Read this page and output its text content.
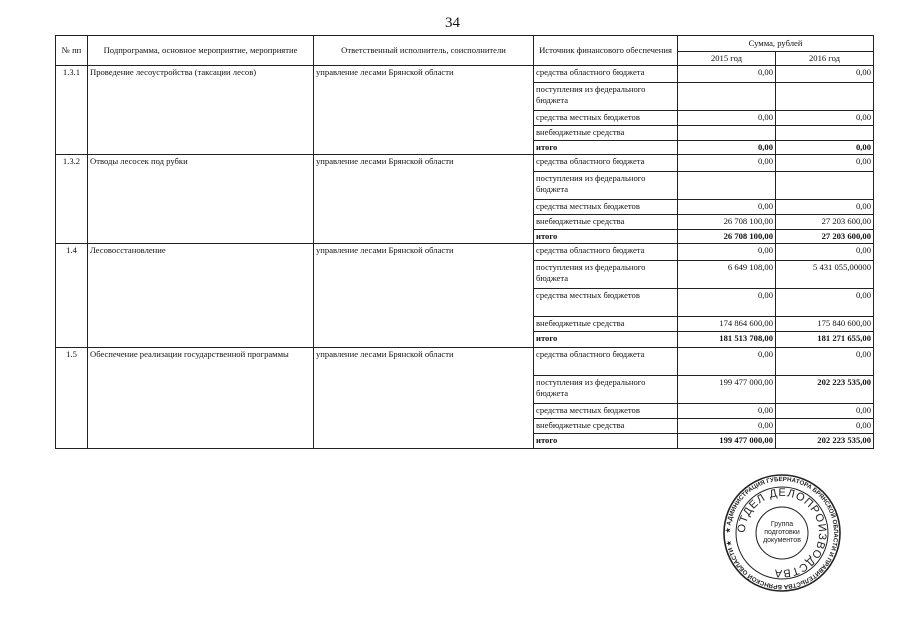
34
№ пп	Подпрограмма, основное мероприятие, мероприятие	Ответственный исполнитель, соисполнители	Источник финансового обеспечения	Сумма, рублей	
				2015 год	2016 год
1.3.1	Проведение лесоустройства (таксации лесов)	управление лесами Брянской области	средства областного бюджета	0,00	0,00
			поступления из федерального бюджета		
			средства местных бюджетов	0,00	0,00
			внебюджетные средства		
			итого	0,00	0,00
1.3.2	Отводы лесосек под рубки	управление лесами Брянской области	средства областного бюджета	0,00	0,00
			поступления из федерального бюджета		
			средства местных бюджетов	0,00	0,00
			внебюджетные средства	26 708 100,00	27 203 600,00
			итого	26 708 100,00	27 203 600,00
1.4	Лесовосстановление	управление лесами Брянской области	средства областного бюджета	0,00	0,00
			поступления из федерального бюджета	6 649 108,00	5 431 055,00000
			средства местных бюджетов	0,00	0,00
			внебюджетные средства	174 864 600,00	175 840 600,00
			итого	181 513 708,00	181 271 655,00
1.5	Обеспечение реализации государственной программы	управление лесами Брянской области	средства областного бюджета	0,00	0,00
			поступления из федерального бюджета	199 477 000,00	202 223 535,00
			средства местных бюджетов	0,00	0,00
			внебюджетные средства	0,00	0,00
			итого	199 477 000,00	202 223 535,00
★ АДМИНИСТРАЦИЯ ГУБЕРНАТОРА БРЯНСКОЙ ОБЛАСТИ И ПРАВИТЕЛЬСТВА БРЯНСКОЙ ОБЛАСТИ ★
ОТДЕЛ ДЕЛОПРОИЗВОДСТВА
Группа подготовки документов
